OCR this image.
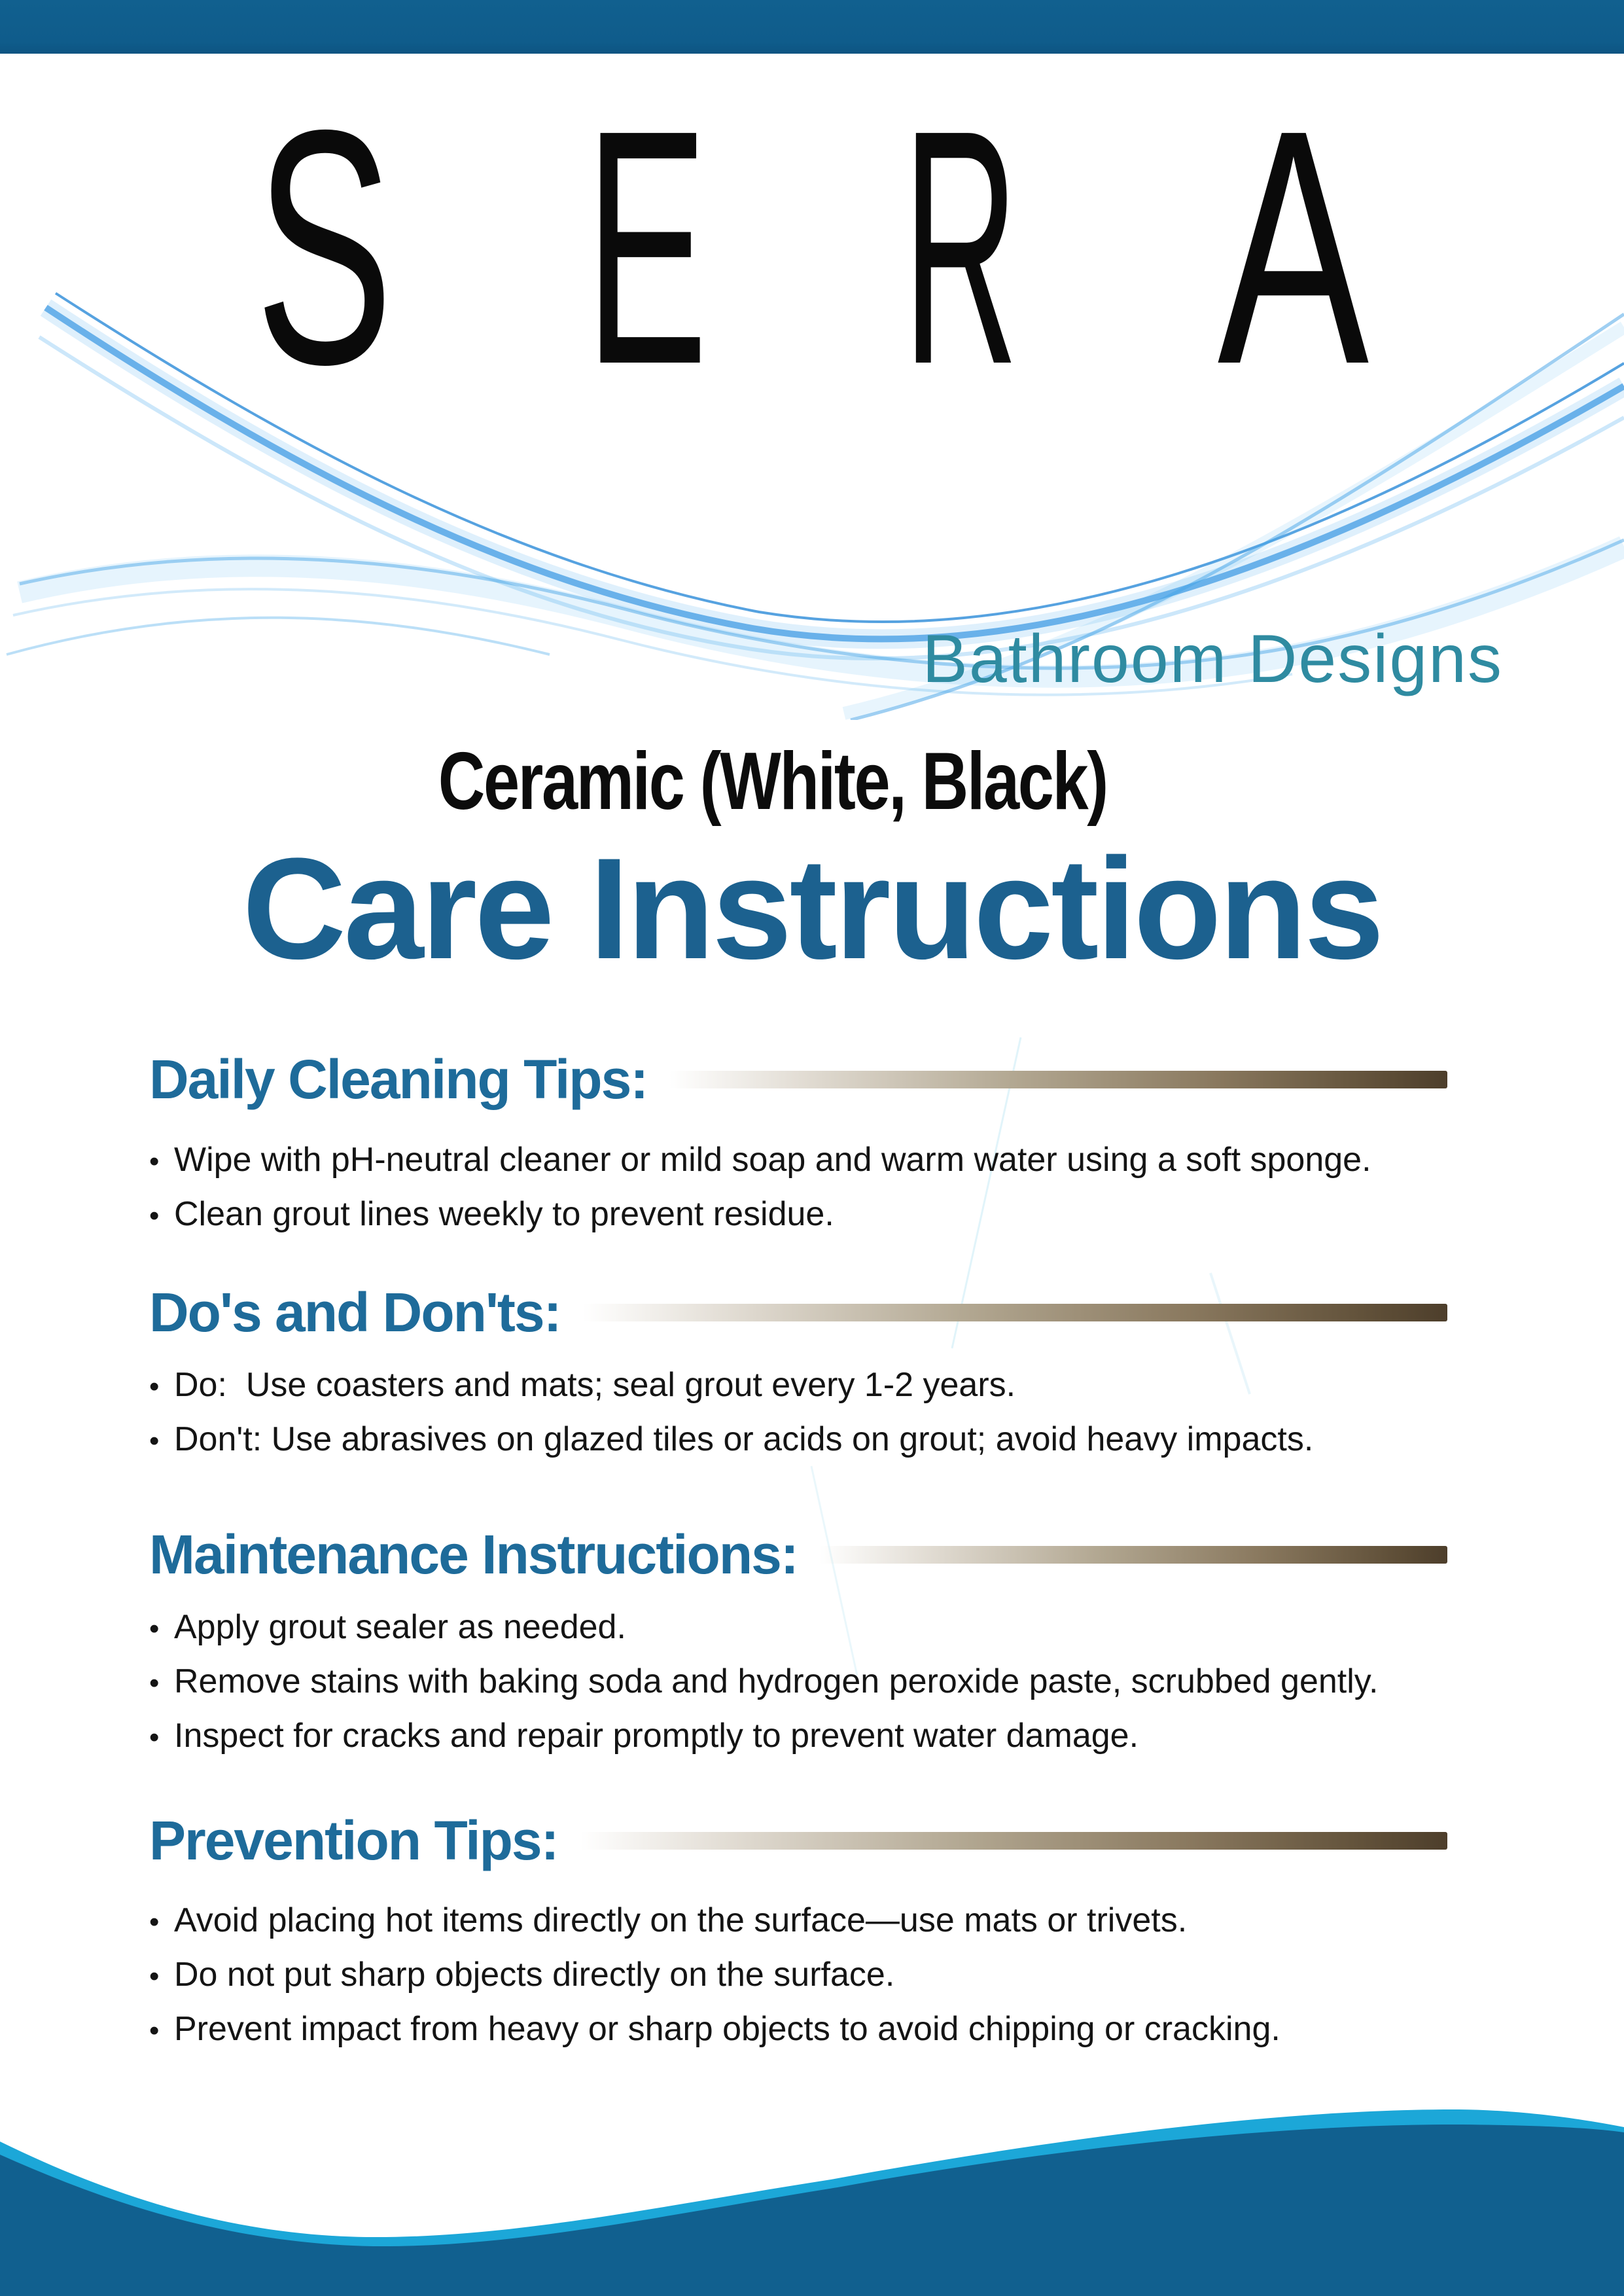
S E R A
Bathroom Designs
Ceramic (White, Black)
Care Instructions
Daily Cleaning Tips:
• Wipe with pH-neutral cleaner or mild soap and warm water using a soft sponge.
• Clean grout lines weekly to prevent residue.
Do's and Don'ts:
• Do:  Use coasters and mats; seal grout every 1-2 years.
• Don't: Use abrasives on glazed tiles or acids on grout; avoid heavy impacts.
Maintenance Instructions:
• Apply grout sealer as needed.
• Remove stains with baking soda and hydrogen peroxide paste, scrubbed gently.
• Inspect for cracks and repair promptly to prevent water damage.
Prevention Tips:
• Avoid placing hot items directly on the surface—use mats or trivets.
• Do not put sharp objects directly on the surface.
• Prevent impact from heavy or sharp objects to avoid chipping or cracking.
